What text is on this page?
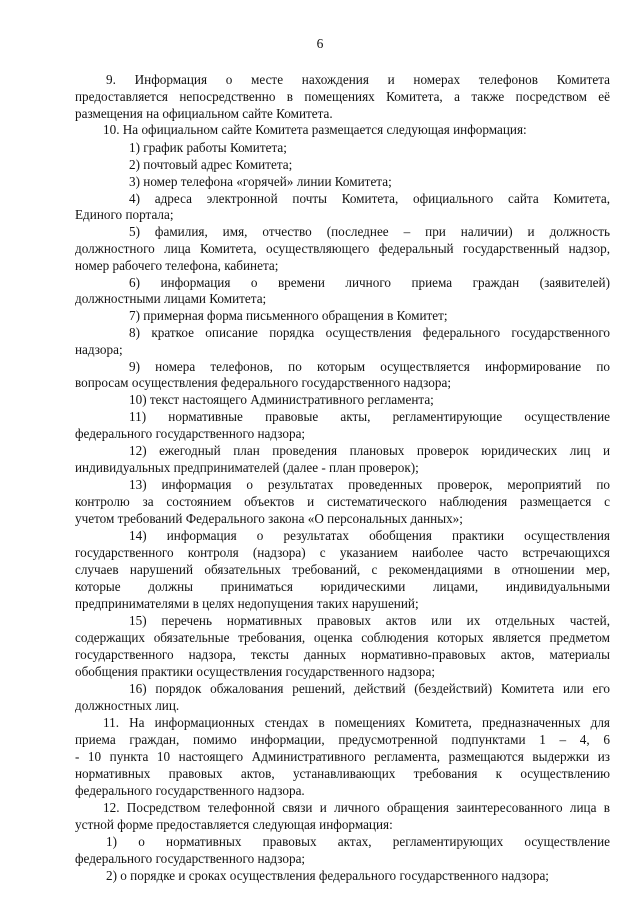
6
9. Информация о месте нахождения и номерах телефонов Комитета
предоставляется непосредственно в помещениях Комитета, а также посредством её
размещения на официальном сайте Комитета.
10. На официальном сайте Комитета размещается следующая информация:
1) график работы Комитета;
2) почтовый адрес Комитета;
3) номер телефона «горячей» линии Комитета;
4) адреса электронной почты Комитета, официального сайта Комитета,
Единого портала;
5) фамилия, имя, отчество (последнее – при наличии) и должность
должностного лица Комитета, осуществляющего федеральный государственный надзор,
номер рабочего телефона, кабинета;
6) информация о времени личного приема граждан (заявителей)
должностными лицами Комитета;
7) примерная форма письменного обращения в Комитет;
8) краткое описание порядка осуществления федерального государственного
надзора;
9) номера телефонов, по которым осуществляется информирование по
вопросам осуществления федерального государственного надзора;
10) текст настоящего Административного регламента;
11) нормативные правовые акты, регламентирующие осуществление
федерального государственного надзора;
12) ежегодный план проведения плановых проверок юридических лиц и
индивидуальных предпринимателей (далее - план проверок);
13) информация о результатах проведенных проверок, мероприятий по
контролю за состоянием объектов и систематического наблюдения размещается с
учетом требований Федерального закона «О персональных данных»;
14) информация о результатах обобщения практики осуществления
государственного контроля (надзора) с указанием наиболее часто встречающихся
случаев нарушений обязательных требований, с рекомендациями в отношении мер,
которые должны приниматься юридическими лицами, индивидуальными
предпринимателями в целях недопущения таких нарушений;
15) перечень нормативных правовых актов или их отдельных частей,
содержащих обязательные требования, оценка соблюдения которых является предметом
государственного надзора, тексты данных нормативно-правовых актов, материалы
обобщения практики осуществления государственного надзора;
16) порядок обжалования решений, действий (бездействий) Комитета или его
должностных лиц.
11. На информационных стендах в помещениях Комитета, предназначенных для
приема граждан, помимо информации, предусмотренной подпунктами 1 – 4, 6
- 10 пункта 10 настоящего Административного регламента, размещаются выдержки из
нормативных правовых актов, устанавливающих требования к осуществлению
федерального государственного надзора.
12. Посредством телефонной связи и личного обращения заинтересованного лица в
устной форме предоставляется следующая информация:
1) о нормативных правовых актах, регламентирующих осуществление
федерального государственного надзора;
2) о порядке и сроках осуществления федерального государственного надзора;
